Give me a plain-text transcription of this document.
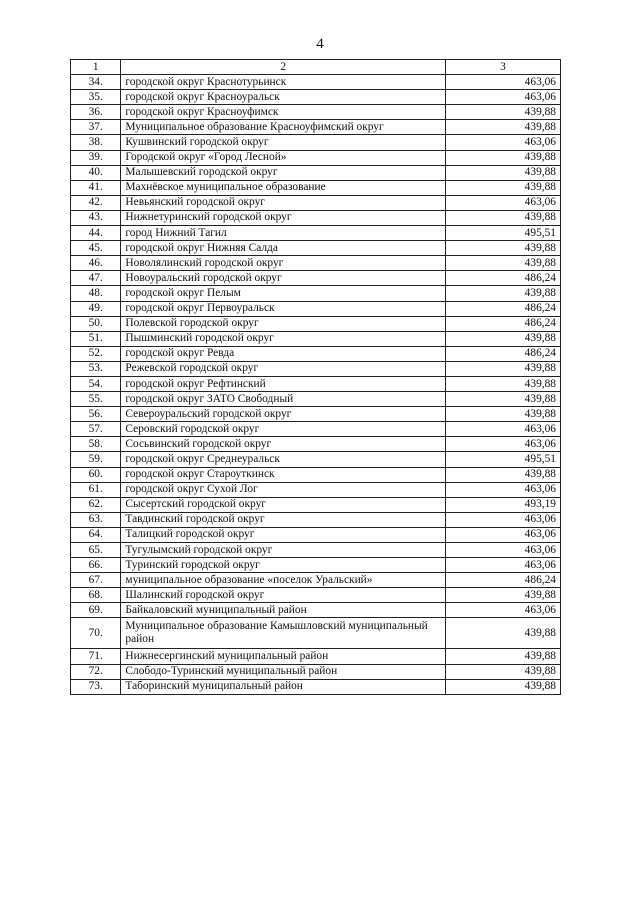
4
1	2	3
34.	городской округ Краснотурьинск	463,06
35.	городской округ Красноуральск	463,06
36.	городской округ Красноуфимск	439,88
37.	Муниципальное образование Красноуфимский округ	439,88
38.	Кушвинский городской округ	463,06
39.	Городской округ «Город Лесной»	439,88
40.	Малышевский городской округ	439,88
41.	Махнёвское муниципальное образование	439,88
42.	Невьянский городской округ	463,06
43.	Нижнетуринский городской округ	439,88
44.	город Нижний Тагил	495,51
45.	городской округ Нижняя Салда	439,88
46.	Новолялинский городской округ	439,88
47.	Новоуральский городской округ	486,24
48.	городской округ Пелым	439,88
49.	городской округ Первоуральск	486,24
50.	Полевской городской округ	486,24
51.	Пышминский городской округ	439,88
52.	городской округ Ревда	486,24
53.	Режевской городской округ	439,88
54.	городской округ Рефтинский	439,88
55.	городской округ ЗАТО Свободный	439,88
56.	Североуральский городской округ	439,88
57.	Серовский городской округ	463,06
58.	Сосьвинский городской округ	463,06
59.	городской округ Среднеуральск	495,51
60.	городской округ Староуткинск	439,88
61.	городской округ Сухой Лог	463,06
62.	Сысертский городской округ	493,19
63.	Тавдинский городской округ	463,06
64.	Талицкий городской округ	463,06
65.	Тугулымский городской округ	463,06
66.	Туринский городской округ	463,06
67.	муниципальное образование «поселок Уральский»	486,24
68.	Шалинский городской округ	439,88
69.	Байкаловский муниципальный район	463,06
70.	Муниципальное образование Камышловский муниципальный район	439,88
71.	Нижнесергинский муниципальный район	439,88
72.	Слободо-Туринский муниципальный район	439,88
73.	Таборинский муниципальный район	439,88
